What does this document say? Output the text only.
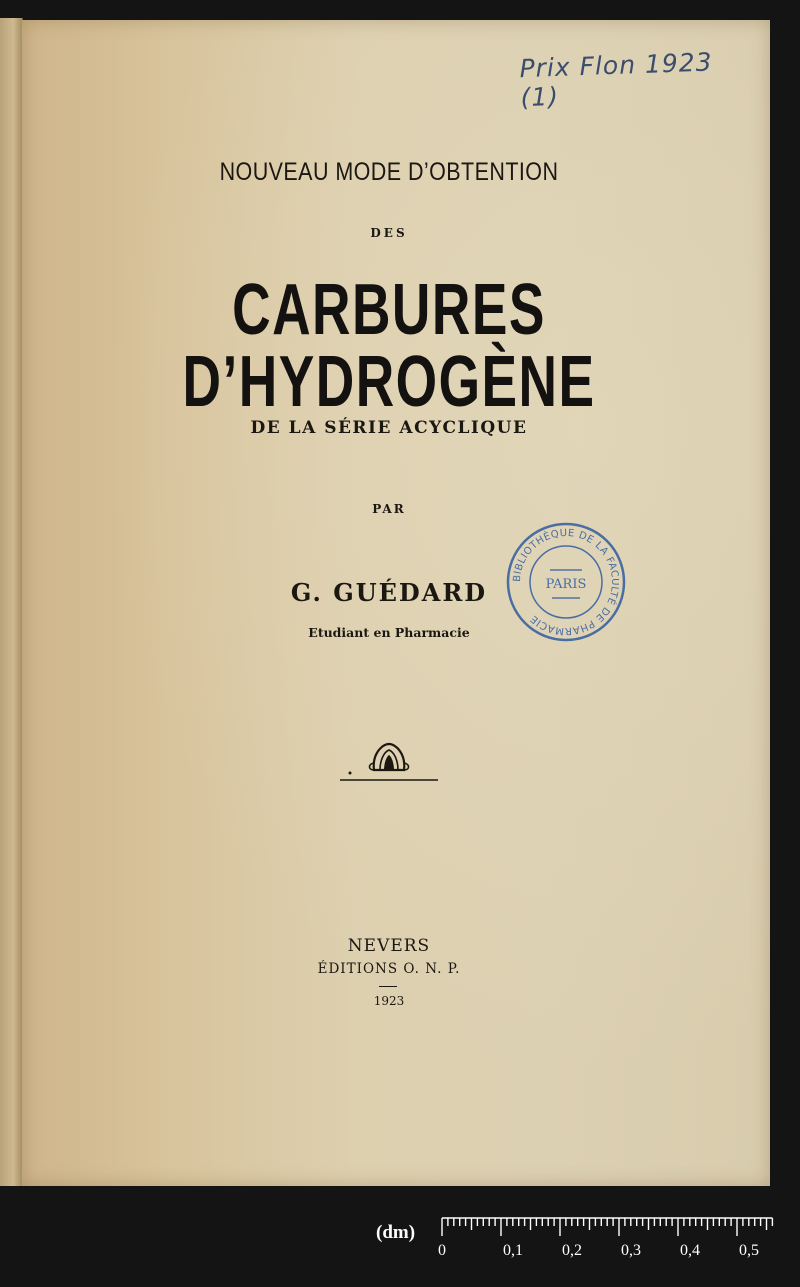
Prix Flon 1923 (1)

NOUVEAU MODE D’OBTENTION

DES

CARBURES D’HYDROGÈNE

DE LA SÉRIE ACYCLIQUE

PAR

G. GUÉDARD

Etudiant en Pharmacie

BIBLIOTHÈQUE DE LA FACULTÉ DE PHARMACIE
PARIS

NEVERS

ÉDITIONS O. N. P.

1923

(dm)
0	0,1 0,2 0,3 0,4 0,5
